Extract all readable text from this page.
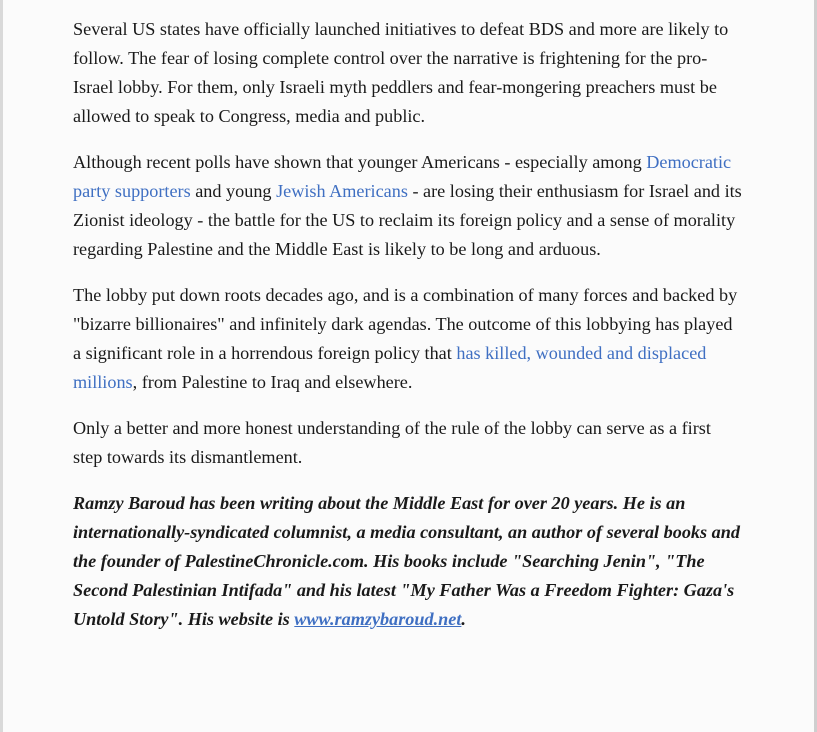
Several US states have officially launched initiatives to defeat BDS and more are likely to follow. The fear of losing complete control over the narrative is frightening for the pro-Israel lobby. For them, only Israeli myth peddlers and fear-mongering preachers must be allowed to speak to Congress, media and public.

Although recent polls have shown that younger Americans - especially among Democratic party supporters and young Jewish Americans - are losing their enthusiasm for Israel and its Zionist ideology - the battle for the US to reclaim its foreign policy and a sense of morality regarding Palestine and the Middle East is likely to be long and arduous.

The lobby put down roots decades ago, and is a combination of many forces and backed by "bizarre billionaires" and infinitely dark agendas. The outcome of this lobbying has played a significant role in a horrendous foreign policy that has killed, wounded and displaced millions, from Palestine to Iraq and elsewhere.

Only a better and more honest understanding of the rule of the lobby can serve as a first step towards its dismantlement.

Ramzy Baroud has been writing about the Middle East for over 20 years. He is an internationally-syndicated columnist, a media consultant, an author of several books and the founder of PalestineChronicle.com. His books include "Searching Jenin", "The Second Palestinian Intifada" and his latest "My Father Was a Freedom Fighter: Gaza's Untold Story". His website is www.ramzybaroud.net.
